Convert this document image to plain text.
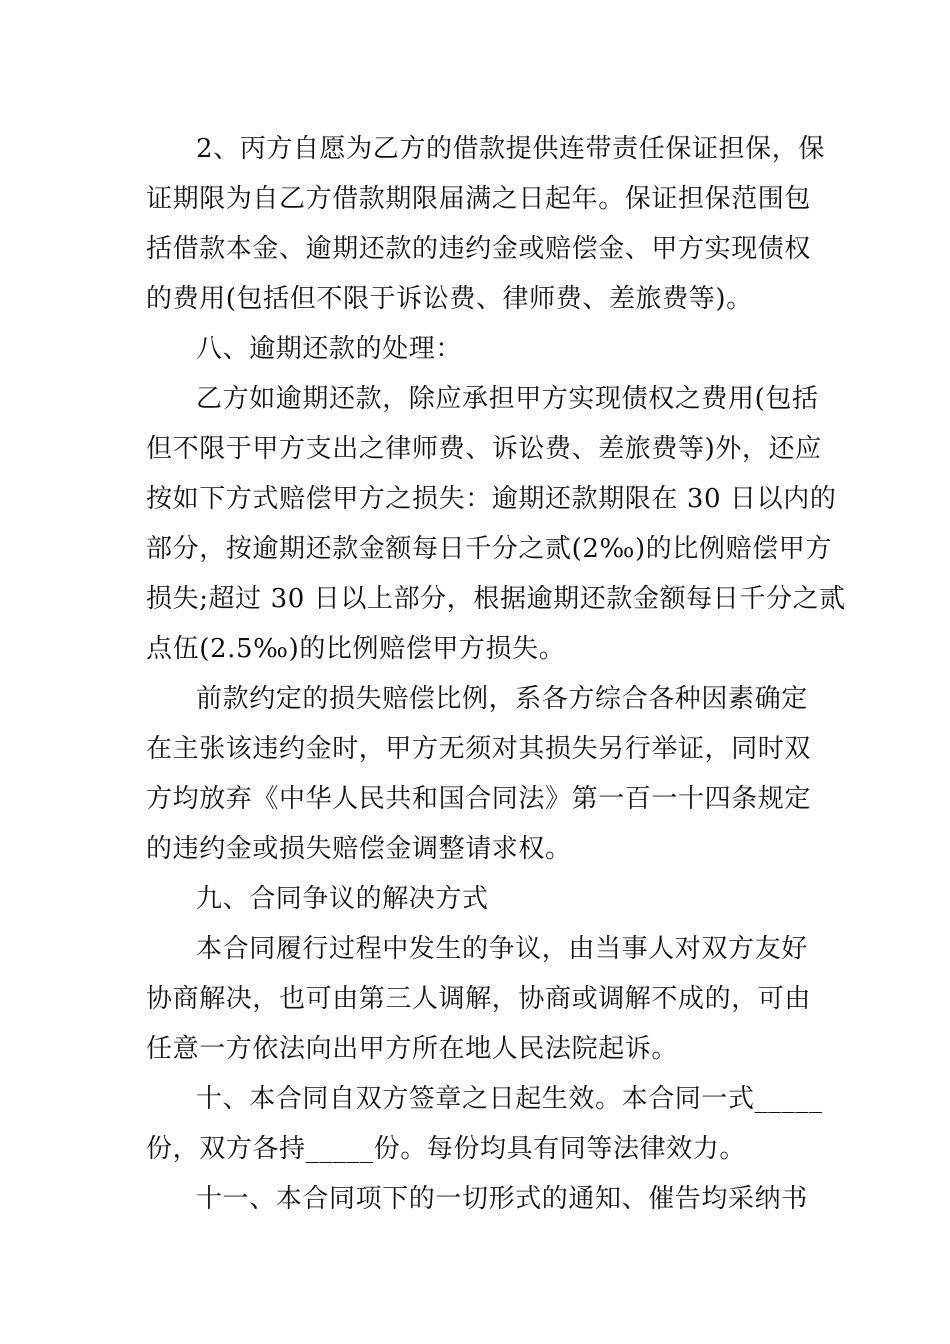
2、丙方自愿为乙方的借款提供连带责任保证担保，保
证期限为自乙方借款期限届满之日起年。保证担保范围包
括借款本金、逾期还款的违约金或赔偿金、甲方实现债权
的费用(包括但不限于诉讼费、律师费、差旅费等)。
八、逾期还款的处理：
乙方如逾期还款，除应承担甲方实现债权之费用(包括
但不限于甲方支出之律师费、诉讼费、差旅费等)外，还应
按如下方式赔偿甲方之损失：逾期还款期限在 30 日以内的
部分，按逾期还款金额每日千分之贰(2‰)的比例赔偿甲方
损失;超过 30 日以上部分，根据逾期还款金额每日千分之贰
点伍(2.5‰)的比例赔偿甲方损失。
前款约定的损失赔偿比例，系各方综合各种因素确定
在主张该违约金时，甲方无须对其损失另行举证，同时双
方均放弃《中华人民共和国合同法》第一百一十四条规定
的违约金或损失赔偿金调整请求权。
九、合同争议的解决方式
本合同履行过程中发生的争议，由当事人对双方友好
协商解决，也可由第三人调解，协商或调解不成的，可由
任意一方依法向出甲方所在地人民法院起诉。
十、本合同自双方签章之日起生效。本合同一式_____
份，双方各持_____份。每份均具有同等法律效力。
十一、本合同项下的一切形式的通知、催告均采纳书
